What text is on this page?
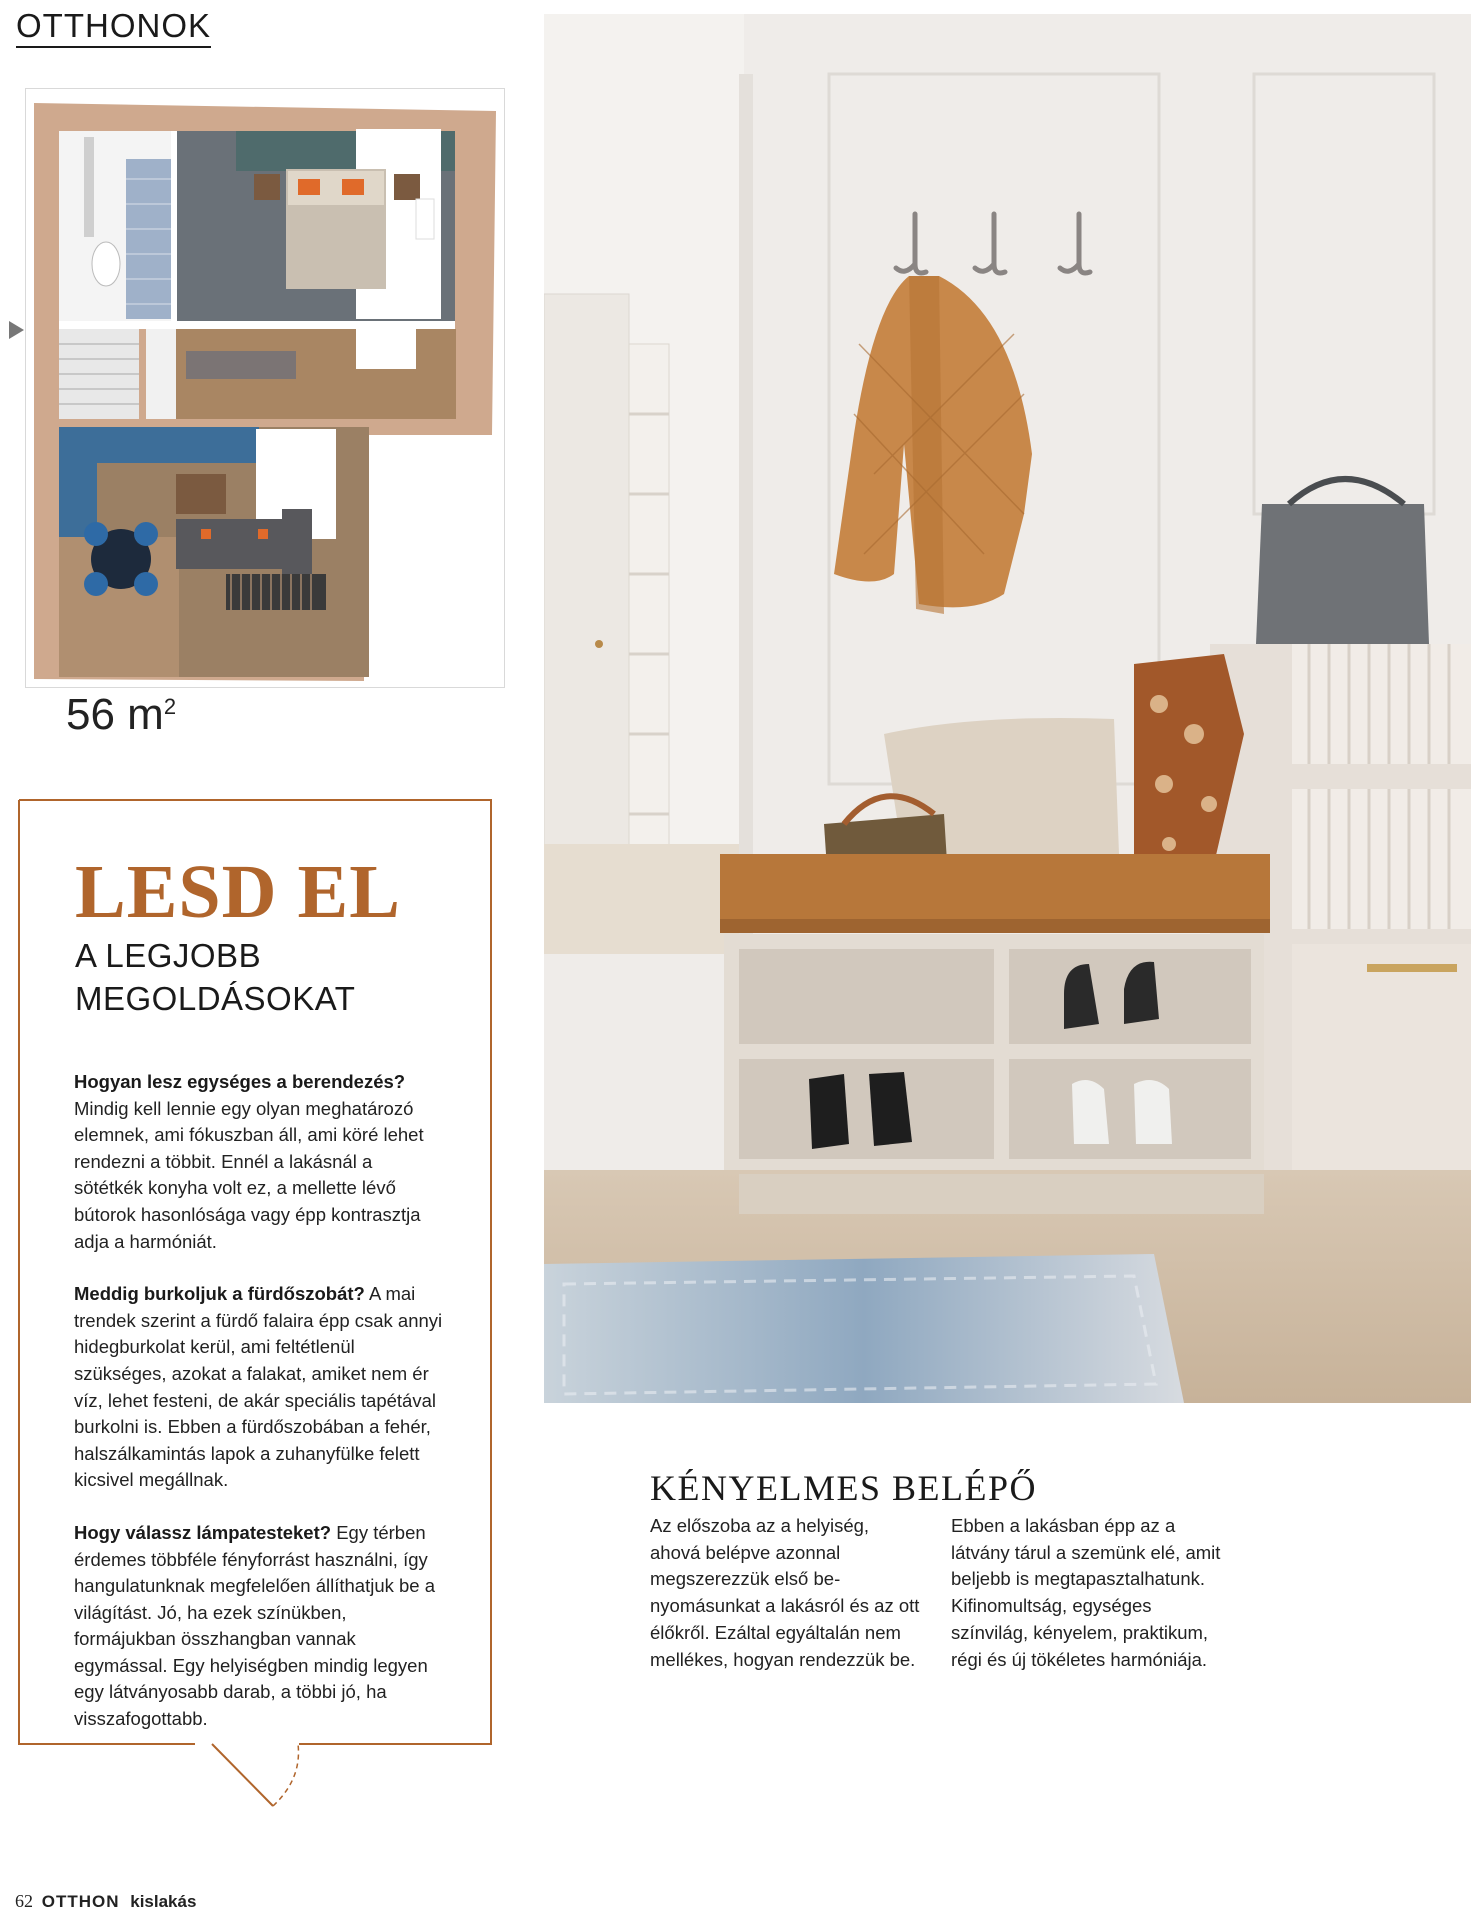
OTTHONOK
56 $m^2$
LESD EL
A LEGJOBB
MEGOLDÁSOKAT

Hogyan lesz egységes a berendezés? Mindig kell lennie egy olyan meghatározó elemnek, ami fókuszban áll, ami köré lehet rendezni a többit. Ennél a lakásnál a sötétkék konyha volt ez, a mellette lévő bútorok hasonlósága vagy épp kontrasztja adja a harmóniát.

Meddig burkoljuk a fürdőszobát? A mai trendek szerint a fürdő falaira épp csak annyi hidegburkolat kerül, ami feltétlenül szükséges, azokat a falakat, amiket nem ér víz, lehet festeni, de akár speciális tapétával burkolni is. Ebben a fürdőszobában a fehér, halszálkamintás lapok a zuhanyfülke felett kicsivel megállnak.

Hogy válassz lámpatesteket? Egy térben érdemes többféle fényforrást használni, így hangulatunknak megfelelően állíthatjuk be a világítást. Jó, ha ezek színükben, formájukban összhangban vannak egymással. Egy helyiségben mindig legyen egy látványosabb darab, a többi jó, ha visszafogottabb.

KÉNYELMES BELÉPŐ
Az előszoba az a helyiség, ahová belépve azonnal megszerezzük első benyomásunkat a lakásról és az ott élőkről. Ezáltal egyáltalán nem mellékes, hogyan rendezzük be.
Ebben a lakásban épp az a látvány tárul a szemünk elé, amit beljebb is megtapasztalhatunk. Kifinomultság, egységes színvilág, kényelem, praktikum, régi és új tökéletes harmóniája.
62 OTTHON kislakás
